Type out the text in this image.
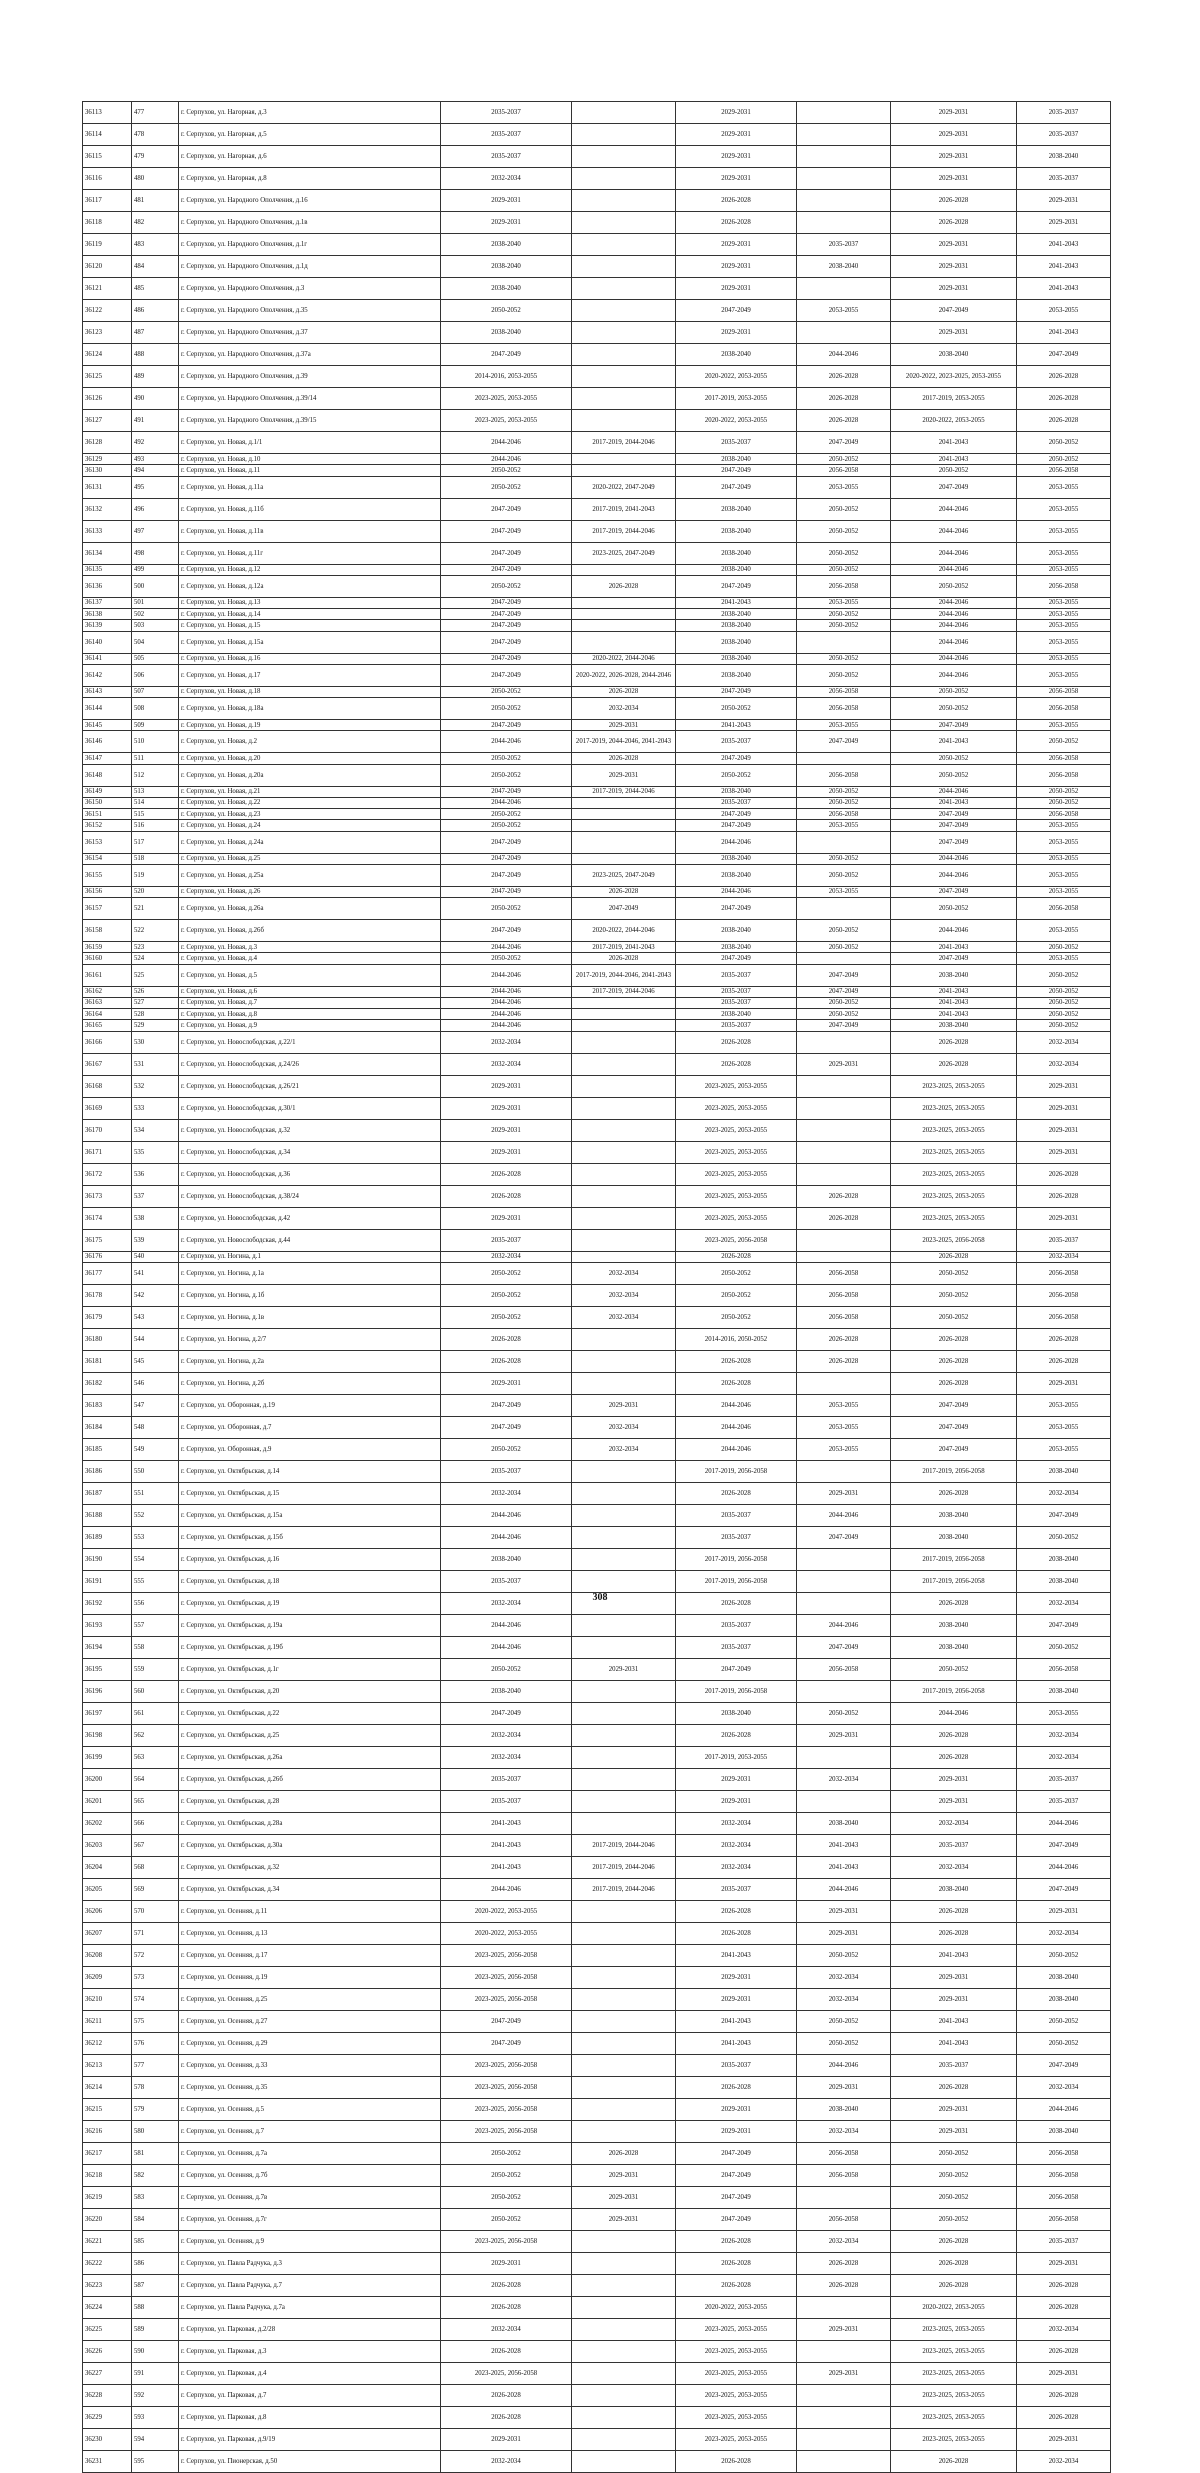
36113	477	г. Серпухов, ул. Нагорная, д.3	2035-2037		2029-2031		2029-2031	2035-2037
36114	478	г. Серпухов, ул. Нагорная, д.5	2035-2037		2029-2031		2029-2031	2035-2037
36115	479	г. Серпухов, ул. Нагорная, д.6	2035-2037		2029-2031		2029-2031	2038-2040
36116	480	г. Серпухов, ул. Нагорная, д.8	2032-2034		2029-2031		2029-2031	2035-2037
36117	481	г. Серпухов, ул. Народного Ополчения, д.16	2029-2031		2026-2028		2026-2028	2029-2031
36118	482	г. Серпухов, ул. Народного Ополчения, д.1в	2029-2031		2026-2028		2026-2028	2029-2031
36119	483	г. Серпухов, ул. Народного Ополчения, д.1г	2038-2040		2029-2031	2035-2037	2029-2031	2041-2043
36120	484	г. Серпухов, ул. Народного Ополчения, д.1д	2038-2040		2029-2031	2038-2040	2029-2031	2041-2043
36121	485	г. Серпухов, ул. Народного Ополчения, д.3	2038-2040		2029-2031		2029-2031	2041-2043
36122	486	г. Серпухов, ул. Народного Ополчения, д.35	2050-2052		2047-2049	2053-2055	2047-2049	2053-2055
36123	487	г. Серпухов, ул. Народного Ополчения, д.37	2038-2040		2029-2031		2029-2031	2041-2043
36124	488	г. Серпухов, ул. Народного Ополчения, д.37а	2047-2049		2038-2040	2044-2046	2038-2040	2047-2049
36125	489	г. Серпухов, ул. Народного Ополчения, д.39	2014-2016, 2053-2055		2020-2022, 2053-2055	2026-2028	2020-2022, 2023-2025, 2053-2055	2026-2028
36126	490	г. Серпухов, ул. Народного Ополчения, д.39/14	2023-2025, 2053-2055		2017-2019, 2053-2055	2026-2028	2017-2019, 2053-2055	2026-2028
36127	491	г. Серпухов, ул. Народного Ополчения, д.39/15	2023-2025, 2053-2055		2020-2022, 2053-2055	2026-2028	2020-2022, 2053-2055	2026-2028
36128	492	г. Серпухов, ул. Новая, д.1/1	2044-2046	2017-2019, 2044-2046	2035-2037	2047-2049	2041-2043	2050-2052
36129	493	г. Серпухов, ул. Новая, д.10	2044-2046		2038-2040	2050-2052	2041-2043	2050-2052
36130	494	г. Серпухов, ул. Новая, д.11	2050-2052		2047-2049	2056-2058	2050-2052	2056-2058
36131	495	г. Серпухов, ул. Новая, д.11а	2050-2052	2020-2022, 2047-2049	2047-2049	2053-2055	2047-2049	2053-2055
36132	496	г. Серпухов, ул. Новая, д.11б	2047-2049	2017-2019, 2041-2043	2038-2040	2050-2052	2044-2046	2053-2055
36133	497	г. Серпухов, ул. Новая, д.11в	2047-2049	2017-2019, 2044-2046	2038-2040	2050-2052	2044-2046	2053-2055
36134	498	г. Серпухов, ул. Новая, д.11г	2047-2049	2023-2025, 2047-2049	2038-2040	2050-2052	2044-2046	2053-2055
36135	499	г. Серпухов, ул. Новая, д.12	2047-2049		2038-2040	2050-2052	2044-2046	2053-2055
36136	500	г. Серпухов, ул. Новая, д.12а	2050-2052	2026-2028	2047-2049	2056-2058	2050-2052	2056-2058
36137	501	г. Серпухов, ул. Новая, д.13	2047-2049		2041-2043	2053-2055	2044-2046	2053-2055
36138	502	г. Серпухов, ул. Новая, д.14	2047-2049		2038-2040	2050-2052	2044-2046	2053-2055
36139	503	г. Серпухов, ул. Новая, д.15	2047-2049		2038-2040	2050-2052	2044-2046	2053-2055
36140	504	г. Серпухов, ул. Новая, д.15а	2047-2049		2038-2040		2044-2046	2053-2055
36141	505	г. Серпухов, ул. Новая, д.16	2047-2049	2020-2022, 2044-2046	2038-2040	2050-2052	2044-2046	2053-2055
36142	506	г. Серпухов, ул. Новая, д.17	2047-2049	2020-2022, 2026-2028, 2044-2046	2038-2040	2050-2052	2044-2046	2053-2055
36143	507	г. Серпухов, ул. Новая, д.18	2050-2052	2026-2028	2047-2049	2056-2058	2050-2052	2056-2058
36144	508	г. Серпухов, ул. Новая, д.18а	2050-2052	2032-2034	2050-2052	2056-2058	2050-2052	2056-2058
36145	509	г. Серпухов, ул. Новая, д.19	2047-2049	2029-2031	2041-2043	2053-2055	2047-2049	2053-2055
36146	510	г. Серпухов, ул. Новая, д.2	2044-2046	2017-2019, 2044-2046, 2041-2043	2035-2037	2047-2049	2041-2043	2050-2052
36147	511	г. Серпухов, ул. Новая, д.20	2050-2052	2026-2028	2047-2049		2050-2052	2056-2058
36148	512	г. Серпухов, ул. Новая, д.20а	2050-2052	2029-2031	2050-2052	2056-2058	2050-2052	2056-2058
36149	513	г. Серпухов, ул. Новая, д.21	2047-2049	2017-2019, 2044-2046	2038-2040	2050-2052	2044-2046	2050-2052
36150	514	г. Серпухов, ул. Новая, д.22	2044-2046		2035-2037	2050-2052	2041-2043	2050-2052
36151	515	г. Серпухов, ул. Новая, д.23	2050-2052		2047-2049	2056-2058	2047-2049	2056-2058
36152	516	г. Серпухов, ул. Новая, д.24	2050-2052		2047-2049	2053-2055	2047-2049	2053-2055
36153	517	г. Серпухов, ул. Новая, д.24а	2047-2049		2044-2046		2047-2049	2053-2055
36154	518	г. Серпухов, ул. Новая, д.25	2047-2049		2038-2040	2050-2052	2044-2046	2053-2055
36155	519	г. Серпухов, ул. Новая, д.25а	2047-2049	2023-2025, 2047-2049	2038-2040	2050-2052	2044-2046	2053-2055
36156	520	г. Серпухов, ул. Новая, д.26	2047-2049	2026-2028	2044-2046	2053-2055	2047-2049	2053-2055
36157	521	г. Серпухов, ул. Новая, д.26а	2050-2052	2047-2049	2047-2049		2050-2052	2056-2058
36158	522	г. Серпухов, ул. Новая, д.26б	2047-2049	2020-2022, 2044-2046	2038-2040	2050-2052	2044-2046	2053-2055
36159	523	г. Серпухов, ул. Новая, д.3	2044-2046	2017-2019, 2041-2043	2038-2040	2050-2052	2041-2043	2050-2052
36160	524	г. Серпухов, ул. Новая, д.4	2050-2052	2026-2028	2047-2049		2047-2049	2053-2055
36161	525	г. Серпухов, ул. Новая, д.5	2044-2046	2017-2019, 2044-2046, 2041-2043	2035-2037	2047-2049	2038-2040	2050-2052
36162	526	г. Серпухов, ул. Новая, д.6	2044-2046	2017-2019, 2044-2046	2035-2037	2047-2049	2041-2043	2050-2052
36163	527	г. Серпухов, ул. Новая, д.7	2044-2046		2035-2037	2050-2052	2041-2043	2050-2052
36164	528	г. Серпухов, ул. Новая, д.8	2044-2046		2038-2040	2050-2052	2041-2043	2050-2052
36165	529	г. Серпухов, ул. Новая, д.9	2044-2046		2035-2037	2047-2049	2038-2040	2050-2052
36166	530	г. Серпухов, ул. Новослободская, д.22/1	2032-2034		2026-2028		2026-2028	2032-2034
36167	531	г. Серпухов, ул. Новослободская, д.24/26	2032-2034		2026-2028	2029-2031	2026-2028	2032-2034
36168	532	г. Серпухов, ул. Новослободская, д.26/21	2029-2031		2023-2025, 2053-2055		2023-2025, 2053-2055	2029-2031
36169	533	г. Серпухов, ул. Новослободская, д.30/1	2029-2031		2023-2025, 2053-2055		2023-2025, 2053-2055	2029-2031
36170	534	г. Серпухов, ул. Новослободская, д.32	2029-2031		2023-2025, 2053-2055		2023-2025, 2053-2055	2029-2031
36171	535	г. Серпухов, ул. Новослободская, д.34	2029-2031		2023-2025, 2053-2055		2023-2025, 2053-2055	2029-2031
36172	536	г. Серпухов, ул. Новослободская, д.36	2026-2028		2023-2025, 2053-2055		2023-2025, 2053-2055	2026-2028
36173	537	г. Серпухов, ул. Новослободская, д.38/24	2026-2028		2023-2025, 2053-2055	2026-2028	2023-2025, 2053-2055	2026-2028
36174	538	г. Серпухов, ул. Новослободская, д.42	2029-2031		2023-2025, 2053-2055	2026-2028	2023-2025, 2053-2055	2029-2031
36175	539	г. Серпухов, ул. Новослободская, д.44	2035-2037		2023-2025, 2056-2058		2023-2025, 2056-2058	2035-2037
36176	540	г. Серпухов, ул. Ногина, д.1	2032-2034		2026-2028		2026-2028	2032-2034
36177	541	г. Серпухов, ул. Ногина, д.1а	2050-2052	2032-2034	2050-2052	2056-2058	2050-2052	2056-2058
36178	542	г. Серпухов, ул. Ногина, д.1б	2050-2052	2032-2034	2050-2052	2056-2058	2050-2052	2056-2058
36179	543	г. Серпухов, ул. Ногина, д.1в	2050-2052	2032-2034	2050-2052	2056-2058	2050-2052	2056-2058
36180	544	г. Серпухов, ул. Ногина, д.2/7	2026-2028		2014-2016, 2050-2052	2026-2028	2026-2028	2026-2028
36181	545	г. Серпухов, ул. Ногина, д.2а	2026-2028		2026-2028	2026-2028	2026-2028	2026-2028
36182	546	г. Серпухов, ул. Ногина, д.2б	2029-2031		2026-2028		2026-2028	2029-2031
36183	547	г. Серпухов, ул. Оборонная, д.19	2047-2049	2029-2031	2044-2046	2053-2055	2047-2049	2053-2055
36184	548	г. Серпухов, ул. Оборонная, д.7	2047-2049	2032-2034	2044-2046	2053-2055	2047-2049	2053-2055
36185	549	г. Серпухов, ул. Оборонная, д.9	2050-2052	2032-2034	2044-2046	2053-2055	2047-2049	2053-2055
36186	550	г. Серпухов, ул. Октябрьская, д.14	2035-2037		2017-2019, 2056-2058		2017-2019, 2056-2058	2038-2040
36187	551	г. Серпухов, ул. Октябрьская, д.15	2032-2034		2026-2028	2029-2031	2026-2028	2032-2034
36188	552	г. Серпухов, ул. Октябрьская, д.15а	2044-2046		2035-2037	2044-2046	2038-2040	2047-2049
36189	553	г. Серпухов, ул. Октябрьская, д.15б	2044-2046		2035-2037	2047-2049	2038-2040	2050-2052
36190	554	г. Серпухов, ул. Октябрьская, д.16	2038-2040		2017-2019, 2056-2058		2017-2019, 2056-2058	2038-2040
36191	555	г. Серпухов, ул. Октябрьская, д.18	2035-2037		2017-2019, 2056-2058		2017-2019, 2056-2058	2038-2040
36192	556	г. Серпухов, ул. Октябрьская, д.19	2032-2034		2026-2028		2026-2028	2032-2034
36193	557	г. Серпухов, ул. Октябрьская, д.19а	2044-2046		2035-2037	2044-2046	2038-2040	2047-2049
36194	558	г. Серпухов, ул. Октябрьская, д.19б	2044-2046		2035-2037	2047-2049	2038-2040	2050-2052
36195	559	г. Серпухов, ул. Октябрьская, д.1г	2050-2052	2029-2031	2047-2049	2056-2058	2050-2052	2056-2058
36196	560	г. Серпухов, ул. Октябрьская, д.20	2038-2040		2017-2019, 2056-2058		2017-2019, 2056-2058	2038-2040
36197	561	г. Серпухов, ул. Октябрьская, д.22	2047-2049		2038-2040	2050-2052	2044-2046	2053-2055
36198	562	г. Серпухов, ул. Октябрьская, д.25	2032-2034		2026-2028	2029-2031	2026-2028	2032-2034
36199	563	г. Серпухов, ул. Октябрьская, д.26а	2032-2034		2017-2019, 2053-2055		2026-2028	2032-2034
36200	564	г. Серпухов, ул. Октябрьская, д.26б	2035-2037		2029-2031	2032-2034	2029-2031	2035-2037
36201	565	г. Серпухов, ул. Октябрьская, д.28	2035-2037		2029-2031		2029-2031	2035-2037
36202	566	г. Серпухов, ул. Октябрьская, д.28а	2041-2043		2032-2034	2038-2040	2032-2034	2044-2046
36203	567	г. Серпухов, ул. Октябрьская, д.30а	2041-2043	2017-2019, 2044-2046	2032-2034	2041-2043	2035-2037	2047-2049
36204	568	г. Серпухов, ул. Октябрьская, д.32	2041-2043	2017-2019, 2044-2046	2032-2034	2041-2043	2032-2034	2044-2046
36205	569	г. Серпухов, ул. Октябрьская, д.34	2044-2046	2017-2019, 2044-2046	2035-2037	2044-2046	2038-2040	2047-2049
36206	570	г. Серпухов, ул. Осенняя, д.11	2020-2022, 2053-2055		2026-2028	2029-2031	2026-2028	2029-2031
36207	571	г. Серпухов, ул. Осенняя, д.13	2020-2022, 2053-2055		2026-2028	2029-2031	2026-2028	2032-2034
36208	572	г. Серпухов, ул. Осенняя, д.17	2023-2025, 2056-2058		2041-2043	2050-2052	2041-2043	2050-2052
36209	573	г. Серпухов, ул. Осенняя, д.19	2023-2025, 2056-2058		2029-2031	2032-2034	2029-2031	2038-2040
36210	574	г. Серпухов, ул. Осенняя, д.25	2023-2025, 2056-2058		2029-2031	2032-2034	2029-2031	2038-2040
36211	575	г. Серпухов, ул. Осенняя, д.27	2047-2049		2041-2043	2050-2052	2041-2043	2050-2052
36212	576	г. Серпухов, ул. Осенняя, д.29	2047-2049		2041-2043	2050-2052	2041-2043	2050-2052
36213	577	г. Серпухов, ул. Осенняя, д.33	2023-2025, 2056-2058		2035-2037	2044-2046	2035-2037	2047-2049
36214	578	г. Серпухов, ул. Осенняя, д.35	2023-2025, 2056-2058		2026-2028	2029-2031	2026-2028	2032-2034
36215	579	г. Серпухов, ул. Осенняя, д.5	2023-2025, 2056-2058		2029-2031	2038-2040	2029-2031	2044-2046
36216	580	г. Серпухов, ул. Осенняя, д.7	2023-2025, 2056-2058		2029-2031	2032-2034	2029-2031	2038-2040
36217	581	г. Серпухов, ул. Осенняя, д.7а	2050-2052	2026-2028	2047-2049	2056-2058	2050-2052	2056-2058
36218	582	г. Серпухов, ул. Осенняя, д.7б	2050-2052	2029-2031	2047-2049	2056-2058	2050-2052	2056-2058
36219	583	г. Серпухов, ул. Осенняя, д.7в	2050-2052	2029-2031	2047-2049		2050-2052	2056-2058
36220	584	г. Серпухов, ул. Осенняя, д.7г	2050-2052	2029-2031	2047-2049	2056-2058	2050-2052	2056-2058
36221	585	г. Серпухов, ул. Осенняя, д.9	2023-2025, 2056-2058		2026-2028	2032-2034	2026-2028	2035-2037
36222	586	г. Серпухов, ул. Павла Радчука, д.3	2029-2031		2026-2028	2026-2028	2026-2028	2029-2031
36223	587	г. Серпухов, ул. Павла Радчука, д.7	2026-2028		2026-2028	2026-2028	2026-2028	2026-2028
36224	588	г. Серпухов, ул. Павла Радчука, д.7а	2026-2028		2020-2022, 2053-2055		2020-2022, 2053-2055	2026-2028
36225	589	г. Серпухов, ул. Парковая, д.2/28	2032-2034		2023-2025, 2053-2055	2029-2031	2023-2025, 2053-2055	2032-2034
36226	590	г. Серпухов, ул. Парковая, д.3	2026-2028		2023-2025, 2053-2055		2023-2025, 2053-2055	2026-2028
36227	591	г. Серпухов, ул. Парковая, д.4	2023-2025, 2056-2058		2023-2025, 2053-2055	2029-2031	2023-2025, 2053-2055	2029-2031
36228	592	г. Серпухов, ул. Парковая, д.7	2026-2028		2023-2025, 2053-2055		2023-2025, 2053-2055	2026-2028
36229	593	г. Серпухов, ул. Парковая, д.8	2026-2028		2023-2025, 2053-2055		2023-2025, 2053-2055	2026-2028
36230	594	г. Серпухов, ул. Парковая, д.9/19	2029-2031		2023-2025, 2053-2055		2023-2025, 2053-2055	2029-2031
36231	595	г. Серпухов, ул. Пионерская, д.50	2032-2034		2026-2028		2026-2028	2032-2034
308
